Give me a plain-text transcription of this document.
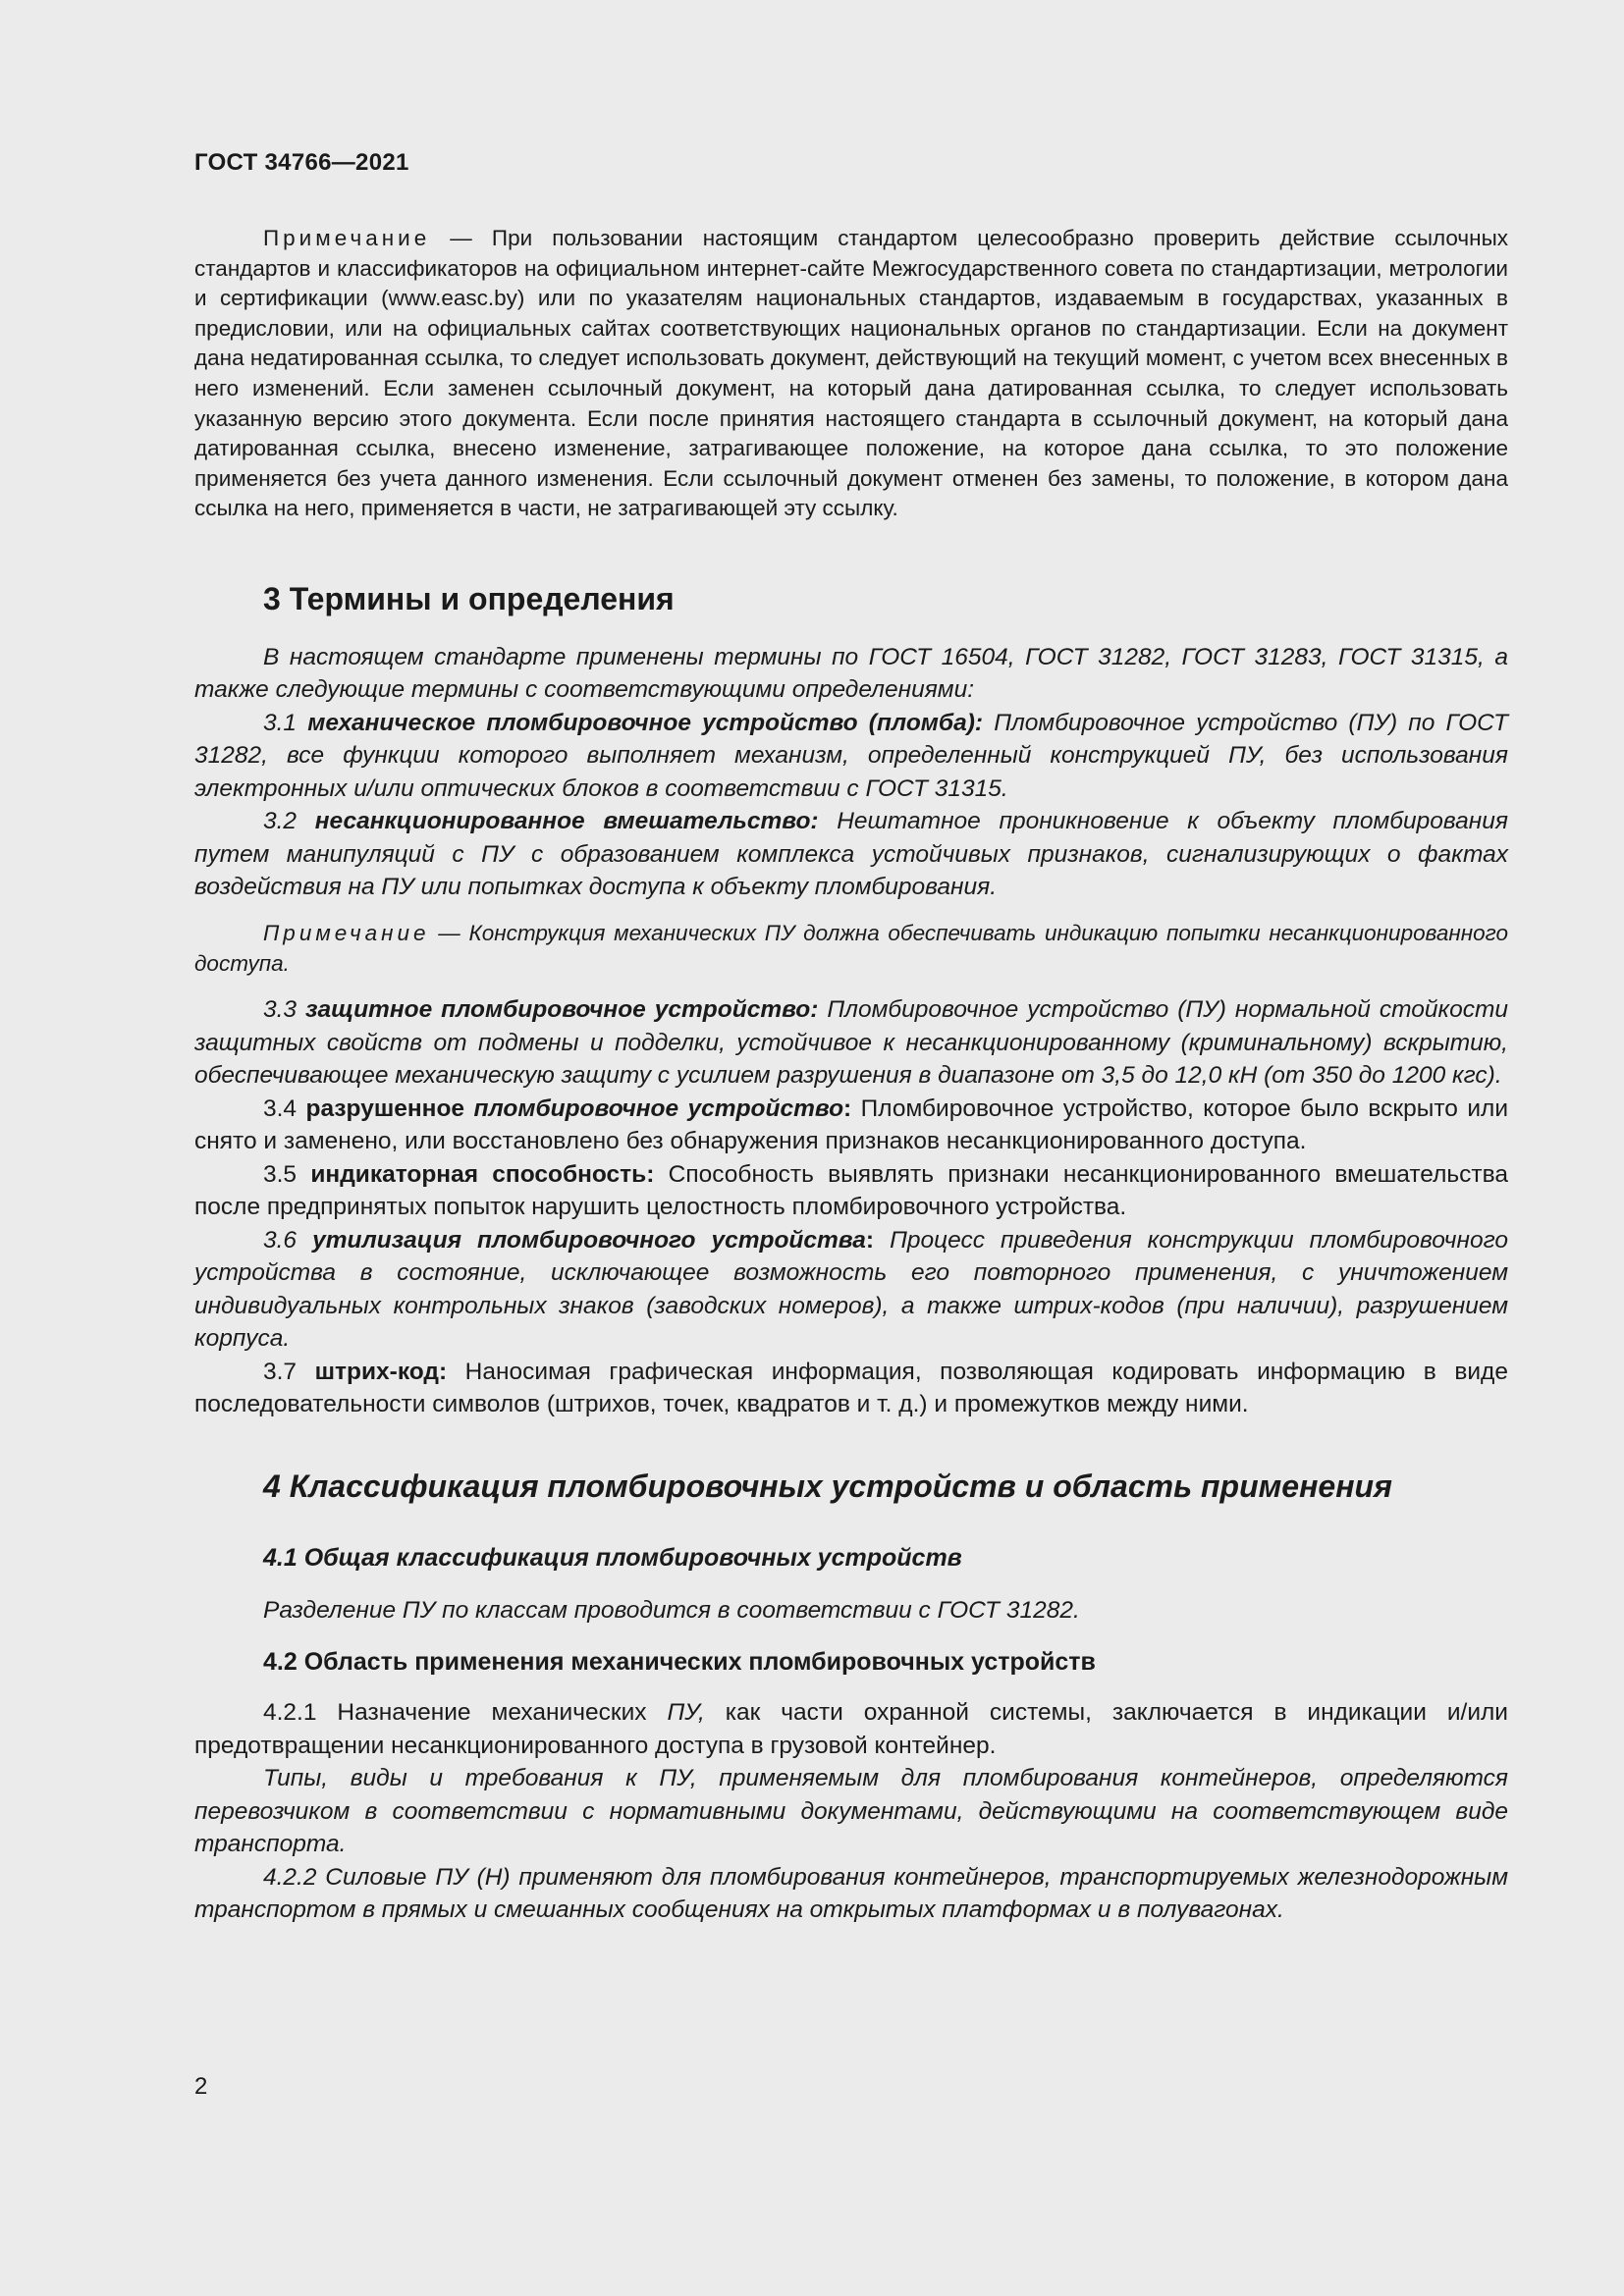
ГОСТ 34766—2021

Примечание — При пользовании настоящим стандартом целесообразно проверить действие ссылочных стандартов и классификаторов на официальном интернет-сайте Межгосударственного совета по стандартизации, метрологии и сертификации (www.easc.by) или по указателям национальных стандартов, издаваемым в государствах, указанных в предисловии, или на официальных сайтах соответствующих национальных органов по стандартизации. Если на документ дана недатированная ссылка, то следует использовать документ, действующий на текущий момент, с учетом всех внесенных в него изменений. Если заменен ссылочный документ, на который дана датированная ссылка, то следует использовать указанную версию этого документа. Если после принятия настоящего стандарта в ссылочный документ, на который дана датированная ссылка, внесено изменение, затрагивающее положение, на которое дана ссылка, то это положение применяется без учета данного изменения. Если ссылочный документ отменен без замены, то положение, в котором дана ссылка на него, применяется в части, не затрагивающей эту ссылку.

3 Термины и определения

В настоящем стандарте применены термины по ГОСТ 16504, ГОСТ 31282, ГОСТ 31283, ГОСТ 31315, а также следующие термины с соответствующими определениями:

3.1 механическое пломбировочное устройство (пломба): Пломбировочное устройство (ПУ) по ГОСТ 31282, все функции которого выполняет механизм, определенный конструкцией ПУ, без использования электронных и/или оптических блоков в соответствии с ГОСТ 31315.

3.2 несанкционированное вмешательство: Нештатное проникновение к объекту пломбирования путем манипуляций с ПУ с образованием комплекса устойчивых признаков, сигнализирующих о фактах воздействия на ПУ или попытках доступа к объекту пломбирования.

Примечание — Конструкция механических ПУ должна обеспечивать индикацию попытки несанкционированного доступа.

3.3 защитное пломбировочное устройство: Пломбировочное устройство (ПУ) нормальной стойкости защитных свойств от подмены и подделки, устойчивое к несанкционированному (криминальному) вскрытию, обеспечивающее механическую защиту с усилием разрушения в диапазоне от 3,5 до 12,0 кН (от 350 до 1200 кгс).

3.4 разрушенное пломбировочное устройство: Пломбировочное устройство, которое было вскрыто или снято и заменено, или восстановлено без обнаружения признаков несанкционированного доступа.

3.5 индикаторная способность: Способность выявлять признаки несанкционированного вмешательства после предпринятых попыток нарушить целостность пломбировочного устройства.

3.6 утилизация пломбировочного устройства: Процесс приведения конструкции пломбировочного устройства в состояние, исключающее возможность его повторного применения, с уничтожением индивидуальных контрольных знаков (заводских номеров), а также штрих-кодов (при наличии), разрушением корпуса.

3.7 штрих-код: Наносимая графическая информация, позволяющая кодировать информацию в виде последовательности символов (штрихов, точек, квадратов и т. д.) и промежутков между ними.

4 Классификация пломбировочных устройств и область применения
4.1 Общая классификация пломбировочных устройств

Разделение ПУ по классам проводится в соответствии с ГОСТ 31282.

4.2 Область применения механических пломбировочных устройств

4.2.1 Назначение механических ПУ, как части охранной системы, заключается в индикации и/или предотвращении несанкционированного доступа в грузовой контейнер.

Типы, виды и требования к ПУ, применяемым для пломбирования контейнеров, определяются перевозчиком в соответствии с нормативными документами, действующими на соответствующем виде транспорта.

4.2.2 Силовые ПУ (Н) применяют для пломбирования контейнеров, транспортируемых железнодорожным транспортом в прямых и смешанных сообщениях на открытых платформах и в полувагонах.

2
